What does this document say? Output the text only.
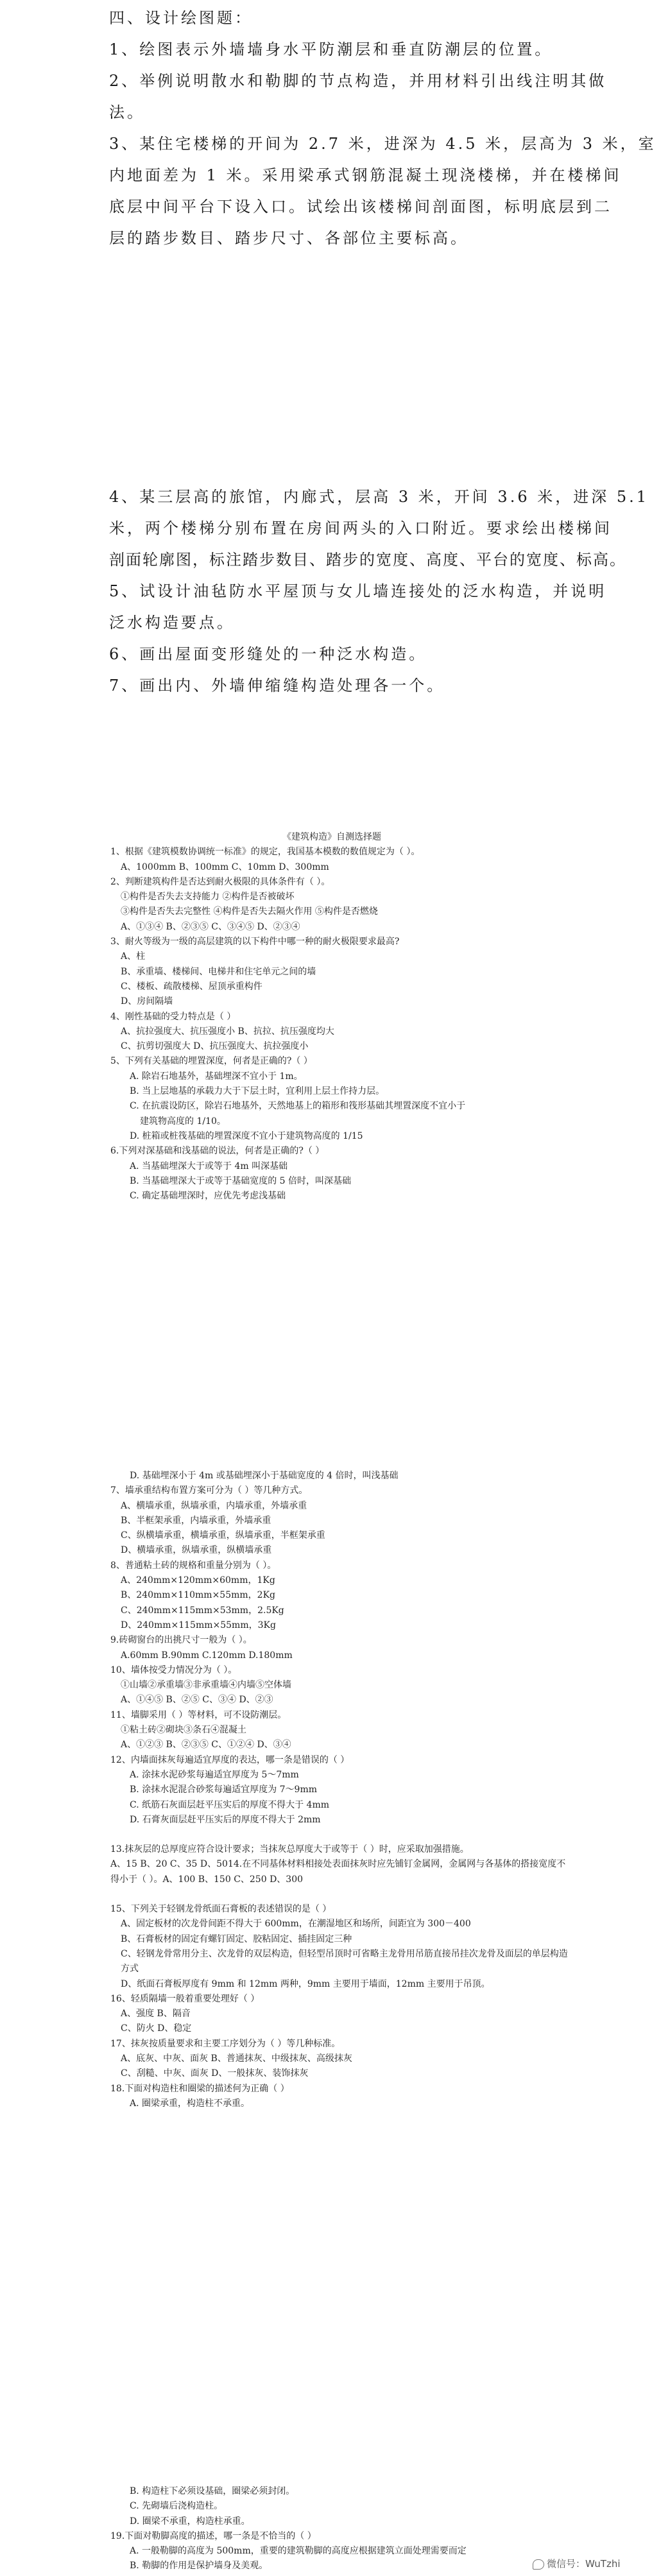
四、设计绘图题：
1、绘图表示外墙墙身水平防潮层和垂直防潮层的位置。
2、举例说明散水和勒脚的节点构造，并用材料引出线注明其做
法。
3、某住宅楼梯的开间为 2.7 米，进深为 4.5 米，层高为 3 米，室
内地面差为 1 米。采用梁承式钢筋混凝土现浇楼梯，并在楼梯间
底层中间平台下设入口。试绘出该楼梯间剖面图，标明底层到二
层的踏步数目、踏步尺寸、各部位主要标高。
4、某三层高的旅馆，内廊式，层高 3 米，开间 3.6 米，进深 5.1
米，两个楼梯分别布置在房间两头的入口附近。要求绘出楼梯间
剖面轮廓图，标注踏步数目、踏步的宽度、高度、平台的宽度、标高。
5、试设计油毡防水平屋顶与女儿墙连接处的泛水构造，并说明
泛水构造要点。
6、画出屋面变形缝处的一种泛水构造。
7、画出内、外墙伸缩缝构造处理各一个。
《建筑构造》自测选择题
1、根据《建筑模数协调统一标准》的规定，我国基本模数的数值规定为（ ）。
A、1000mm B、100mm C、10mm D、300mm
2、判断建筑构件是否达到耐火极限的具体条件有（ ）。
①构件是否失去支持能力 ②构件是否被破坏
③构件是否失去完整性 ④构件是否失去隔火作用 ⑤构件是否燃烧
A、①③④ B、②③⑤ C、③④⑤ D、②③④
3、耐火等级为一级的高层建筑的以下构件中哪一种的耐火极限要求最高?
A、柱
B、承重墙、楼梯间、电梯井和住宅单元之间的墙
C、楼板、疏散楼梯、屋顶承重构件
D、房间隔墙
4、刚性基础的受力特点是（ ）
A、抗拉强度大、抗压强度小 B、抗拉、抗压强度均大
C、抗剪切强度大 D、抗压强度大、抗拉强度小
5、下列有关基础的埋置深度，何者是正确的?（ ）
A. 除岩石地基外，基础埋深不宜小于 1m。
B. 当上层地基的承载力大于下层土时，宜利用上层土作持力层。
C. 在抗震设防区，除岩石地基外，天然地基上的箱形和筏形基础其埋置深度不宜小于
建筑物高度的 1/10。
D. 桩箱或桩筏基础的埋置深度不宜小于建筑物高度的 1/15
6.下列对深基础和浅基础的说法，何者是正确的?（ ）
A. 当基础埋深大于或等于 4m 叫深基础
B. 当基础埋深大于或等于基础宽度的 5 倍时，叫深基础
C. 确定基础埋深时，应优先考虑浅基础
D. 基础埋深小于 4m 或基础埋深小于基础宽度的 4 倍时，叫浅基础
7、墙承重结构布置方案可分为（ ）等几种方式。
A、横墙承重，纵墙承重，内墙承重，外墙承重
B、半框架承重，内墙承重，外墙承重
C、纵横墙承重，横墙承重，纵墙承重，半框架承重
D、横墙承重，纵墙承重，纵横墙承重
8、普通粘土砖的规格和重量分别为（ ）。
A、240mm×120mm×60mm，1Kg
B、240mm×110mm×55mm，2Kg
C、240mm×115mm×53mm，2.5Kg
D、240mm×115mm×55mm，3Kg
9.砖砌窗台的出挑尺寸一般为（ ）。
A.60mm B.90mm C.120mm D.180mm
10、墙体按受力情况分为（ ）。
①山墙②承重墙③非承重墙④内墙⑤空体墙
A、①④⑤ B、②⑤ C、③④ D、②③
11、墙脚采用（ ）等材料，可不设防潮层。
①粘土砖②砌块③条石④混凝土
A、①②③ B、②③⑤ C、①②④ D、③④
12、内墙面抹灰每遍适宜厚度的表达，哪一条是错误的（ ）
A. 涂抹水泥砂浆每遍适宜厚度为 5～7mm
B. 涂抹水泥混合砂浆每遍适宜厚度为 7～9mm
C. 纸筋石灰面层赶平压实后的厚度不得大于 4mm
D. 石膏灰面层赶平压实后的厚度不得大于 2mm
13.抹灰层的总厚度应符合设计要求；当抹灰总厚度大于或等于（ ）时，应采取加强措施。
A、15 B、20 C、35 D、5014.在不同基体材料相接处表面抹灰时应先铺钉金属网，金属网与各基体的搭接宽度不得小于（ ）。A、100 B、150 C、250 D、300
15、下列关于轻钢龙骨纸面石膏板的表述错误的是（ ）
A、固定板材的次龙骨间距不得大于 600mm，在潮湿地区和场所，间距宜为 300－400
B、石膏板材的固定有螺钉固定、胶粘固定、插挂固定三种
C、轻钢龙骨常用分主、次龙骨的双层构造，但轻型吊顶时可省略主龙骨用吊筋直接吊挂次龙骨及面层的单层构造方式
D、纸面石膏板厚度有 9mm 和 12mm 两种，9mm 主要用于墙面，12mm 主要用于吊顶。
16、轻质隔墙一般着重要处理好（ ）
A、强度 B、隔音
C、防火 D、稳定
17、抹灰按质量要求和主要工序划分为（ ）等几种标准。
A、底灰、中灰、面灰 B、普通抹灰、中级抹灰、高级抹灰
C、刮糙、中灰、面灰 D、一般抹灰、装饰抹灰
18.下面对构造柱和圈梁的描述何为正确（ ）
A. 圈梁承重，构造柱不承重。
B. 构造柱下必须设基础，圈梁必须封闭。
C. 先砌墙后浇构造柱。
D. 圈梁不承重，构造柱承重。
19.下面对勒脚高度的描述，哪一条是不恰当的（ ）
A. 一般勒脚的高度为 500mm，重要的建筑勒脚的高度应根据建筑立面处理需要而定
B. 勒脚的作用是保护墙身及美观。	微信号：WuTzhi
